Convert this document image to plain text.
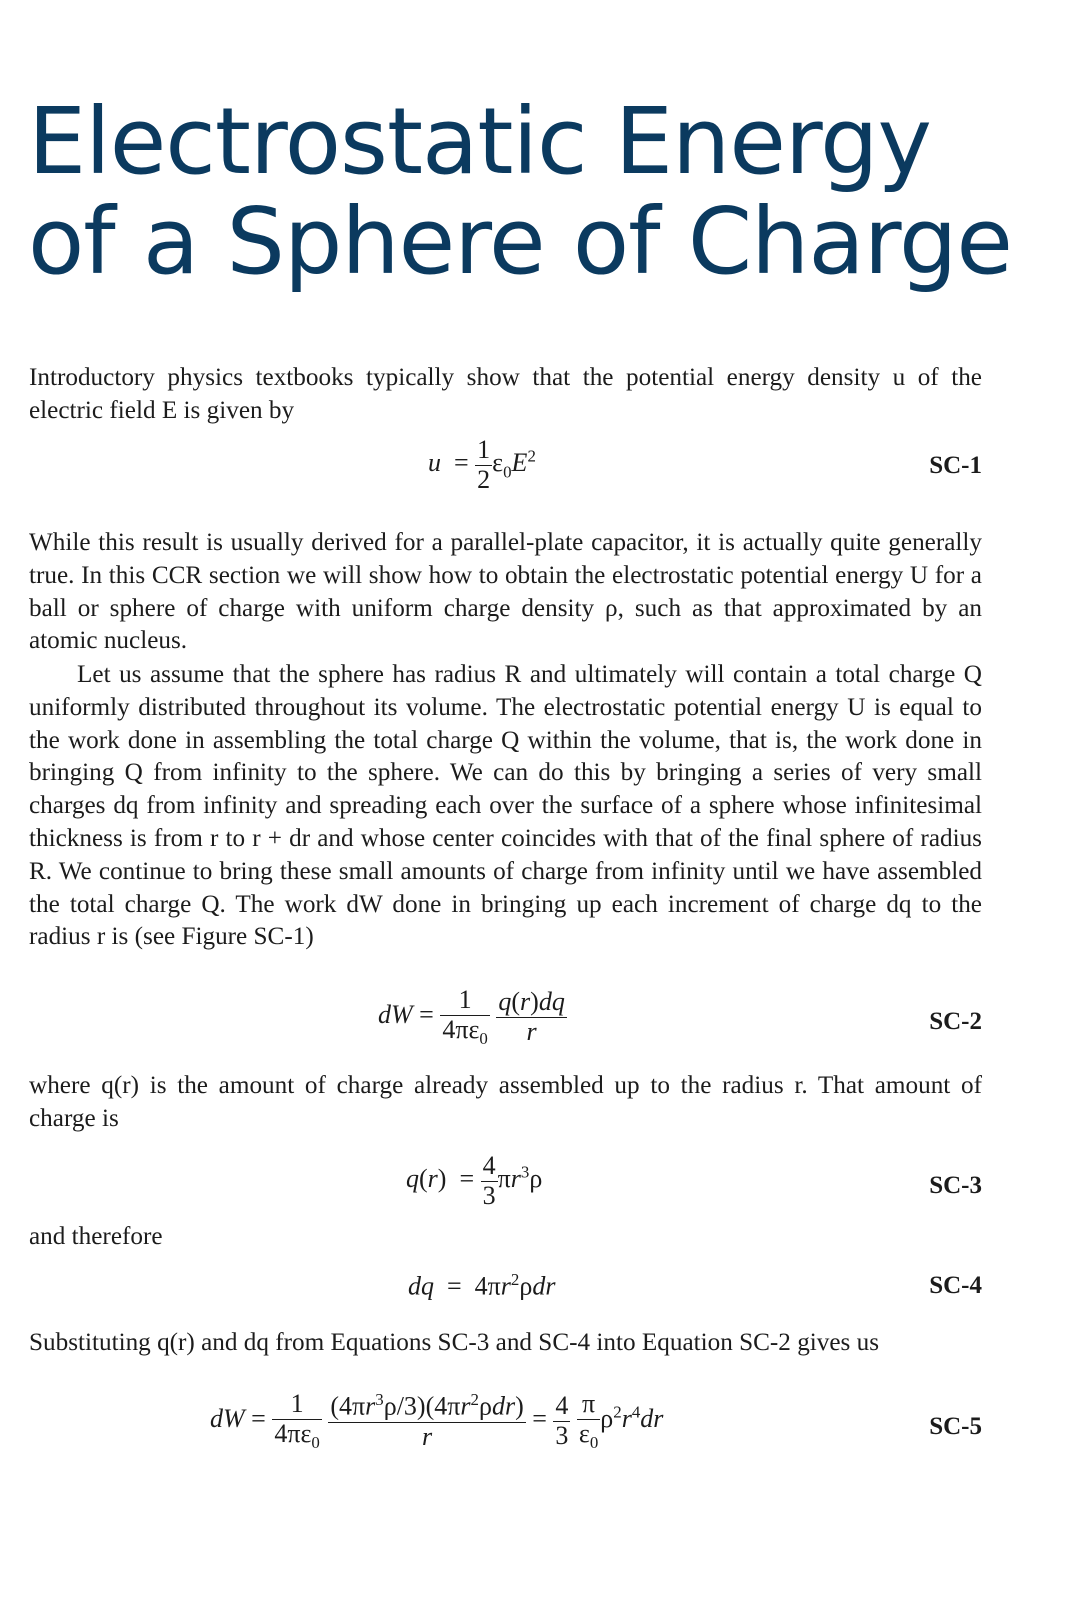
Electrostatic Energy
of a Sphere of Charge

Introductory physics textbooks typically show that the potential energy density u of the electric field E is given by

$u = \frac{1}{2} \varepsilon_0E^2$	SC-1

While this result is usually derived for a parallel-plate capacitor, it is actually quite generally true. In this CCR section we will show how to obtain the electrostatic potential energy U for a ball or sphere of charge with uniform charge density ρ, such as that approximated by an atomic nucleus.

Let us assume that the sphere has radius R and ultimately will contain a total charge Q uniformly distributed throughout its volume. The electrostatic potential energy U is equal to the work done in assembling the total charge Q within the volume, that is, the work done in bringing Q from infinity to the sphere. We can do this by bringing a series of very small charges dq from infinity and spreading each over the surface of a sphere whose infinitesimal thickness is from r to r + dr and whose center coincides with that of the final sphere of radius R. We continue to bring these small amounts of charge from infinity until we have assembled the total charge Q. The work dW done in bringing up each increment of charge dq to the radius r is (see Figure SC-1)

dW = $\frac{1}{4\pi\varepsilon_0}$
$\frac{q(r)dq}{r}$	SC-2

where q(r) is the amount of charge already assembled up to the radius r. That amount of charge is

$q(r) = \frac{4}{3} \pi r^3\rho$	SC-3

and therefore

dq  =  $4\pi r^2\rho dr$	SC-4

Substituting q(r) and dq from Equations SC-3 and SC-4 into Equation SC-2 gives us

dW = $\frac{1}{4\pi\varepsilon_0}$
$\frac{(4\pi r^3\rho/3)(4\pi r^2\rho dr)}{r} = \frac{4}{3}$
$\frac{\pi}{\varepsilon_0} \rho^2r^4dr$	SC-5
